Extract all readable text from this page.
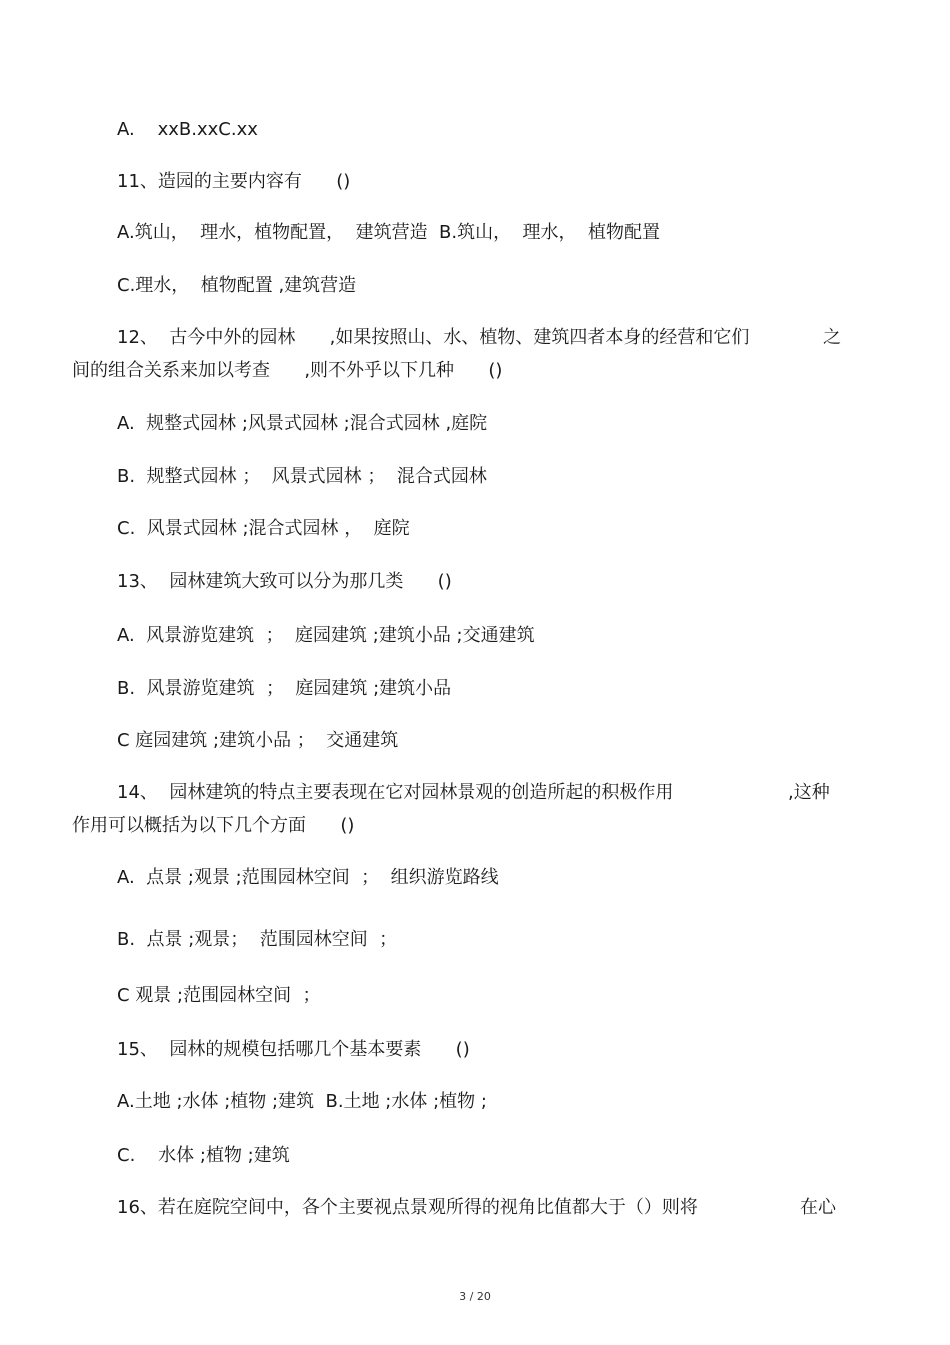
A.    xxB.xxC.xx

11、造园的主要内容有      ()

A.筑山，  理水，植物配置，  建筑营造  B.筑山，  理水，  植物配置

C.理水，  植物配置 ,建筑营造

12、  古今中外的园林      ,如果按照山、水、植物、建筑四者本身的经营和它们	之

间的组合关系来加以考查      ,则不外乎以下几种      ()

A.  规整式园林 ;风景式园林 ;混合式园林 ,庭院

B.  规整式园林 ；  风景式园林 ；  混合式园林

C.  风景式园林 ;混合式园林 ，  庭院

13、  园林建筑大致可以分为那几类      ()

A.  风景游览建筑  ；  庭园建筑 ;建筑小品 ;交通建筑

B.  风景游览建筑  ；  庭园建筑 ;建筑小品

C 庭园建筑 ;建筑小品 ；  交通建筑

14、  园林建筑的特点主要表现在它对园林景观的创造所起的积极作用	,这种

作用可以概括为以下几个方面      ()

A.  点景 ;观景 ;范围园林空间  ；  组织游览路线

B.  点景 ;观景；  范围园林空间  ；

C 观景 ;范围园林空间  ；

15、  园林的规模包括哪几个基本要素      ()

A.土地 ;水体 ;植物 ;建筑  B.土地 ;水体 ;植物 ;

C.    水体 ;植物 ;建筑

16、若在庭院空间中，各个主要视点景观所得的视角比值都大于（）则将	在心
3 / 20
